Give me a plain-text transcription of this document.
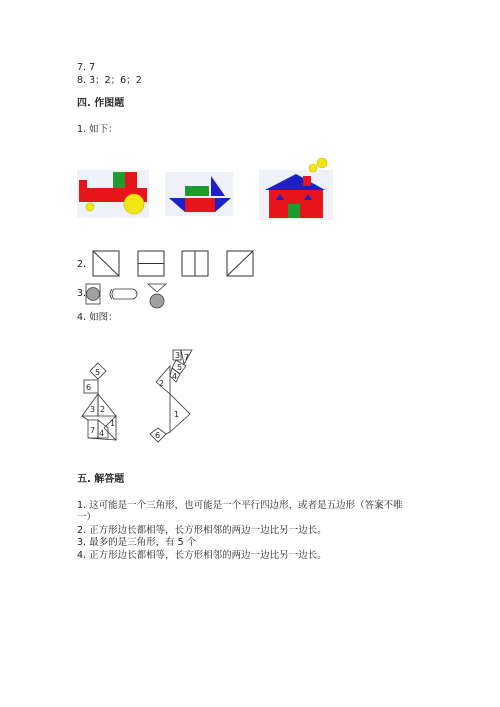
7. 7
8. 3；2；6；2
四. 作图题
1. 如下：
2.
3.
4. 如图：
5
6
3 2
1
7 4
3 7
5
4
2
1
6
五. 解答题
1. 这可能是一个三角形，也可能是一个平行四边形，或者是五边形（答案不唯
一）
2. 正方形边长都相等，长方形相邻的两边一边比另一边长。
3. 最多的是三角形，有 5 个
4. 正方形边长都相等，长方形相邻的两边一边比另一边长。
